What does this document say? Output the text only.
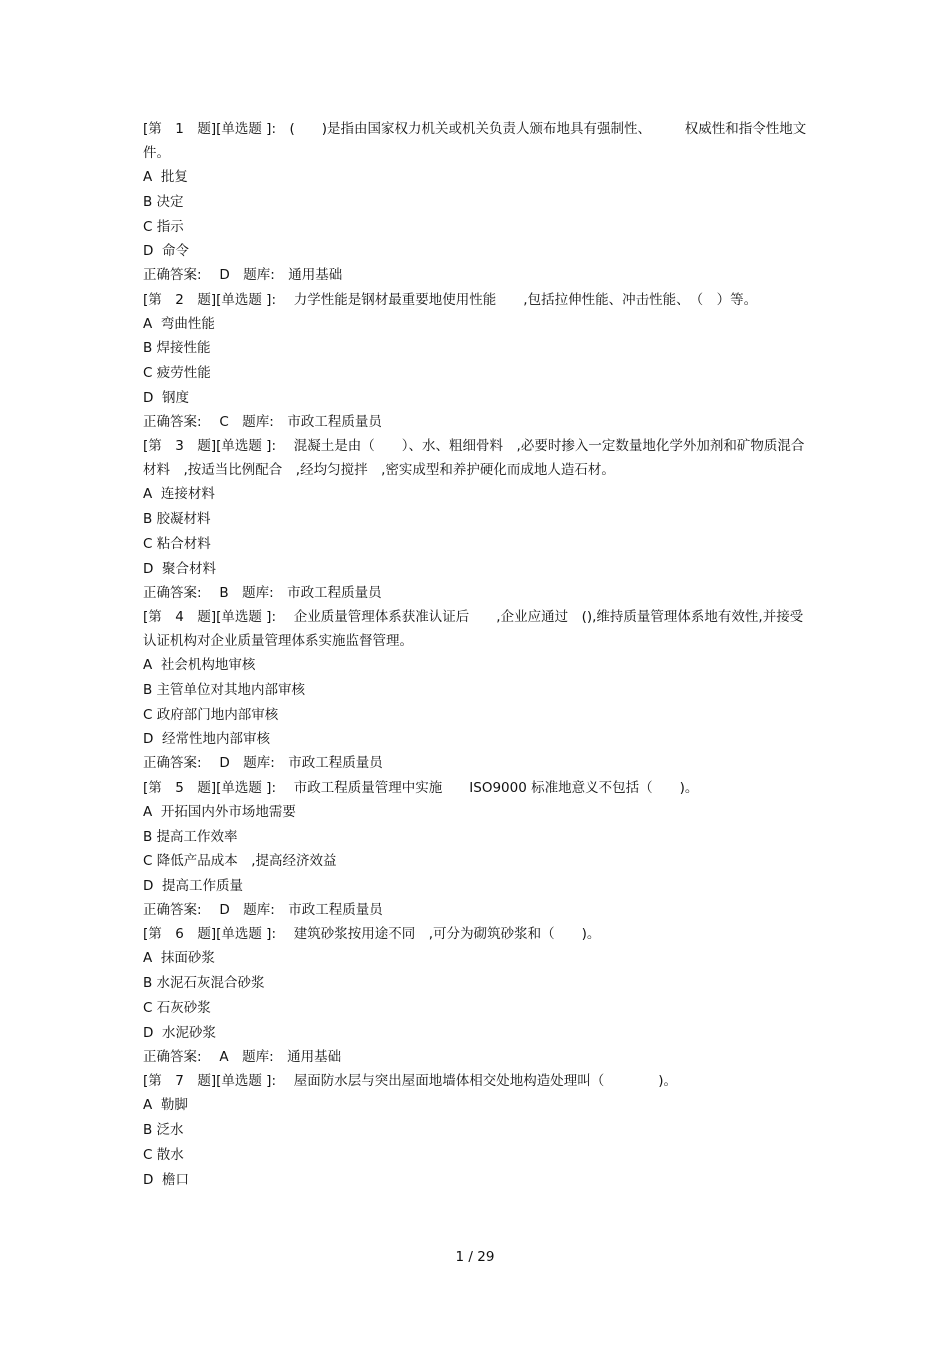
[第　1　题][单选题 ]:　(　　)是指由国家权力机关或机关负责人颁布地具有强制性、　　　权威性和指令性地文件。
A  批复
B 决定
C 指示
D  命令
正确答案:　 D　题库:　通用基础
[第　2　题][单选题 ]:　 力学性能是钢材最重要地使用性能　　,包括拉伸性能、冲击性能、　（　）等。
A  弯曲性能
B 焊接性能
C 疲劳性能
D  钢度
正确答案:　 C　题库:　市政工程质量员
[第　3　题][单选题 ]:　 混凝土是由（　　）、水、粗细骨料　,必要时掺入一定数量地化学外加剂和矿物质混合材料　,按适当比例配合　,经均匀搅拌　,密实成型和养护硬化而成地人造石材。
A  连接材料
B 胶凝材料
C 粘合材料
D  聚合材料
正确答案:　 B　题库:　市政工程质量员
[第　4　题][单选题 ]:　 企业质量管理体系获准认证后　　,企业应通过　(),维持质量管理体系地有效性,并接受认证机构对企业质量管理体系实施监督管理。
A  社会机构地审核
B 主管单位对其地内部审核
C 政府部门地内部审核
D  经常性地内部审核
正确答案:　 D　题库:　市政工程质量员
[第　5　题][单选题 ]:　 市政工程质量管理中实施　　ISO9000 标准地意义不包括（　　)。
A  开拓国内外市场地需要
B 提高工作效率
C 降低产品成本　,提高经济效益
D  提高工作质量
正确答案:　 D　题库:　市政工程质量员
[第　6　题][单选题 ]:　 建筑砂浆按用途不同　,可分为砌筑砂浆和（　　)。
A  抹面砂浆
B 水泥石灰混合砂浆
C 石灰砂浆
D  水泥砂浆
正确答案:　 A　题库:　通用基础
[第　7　题][单选题 ]:　 屋面防水层与突出屋面地墙体相交处地构造处理叫（　　　　)。
A  勒脚
B 泛水
C 散水
D  檐口
1 / 29
